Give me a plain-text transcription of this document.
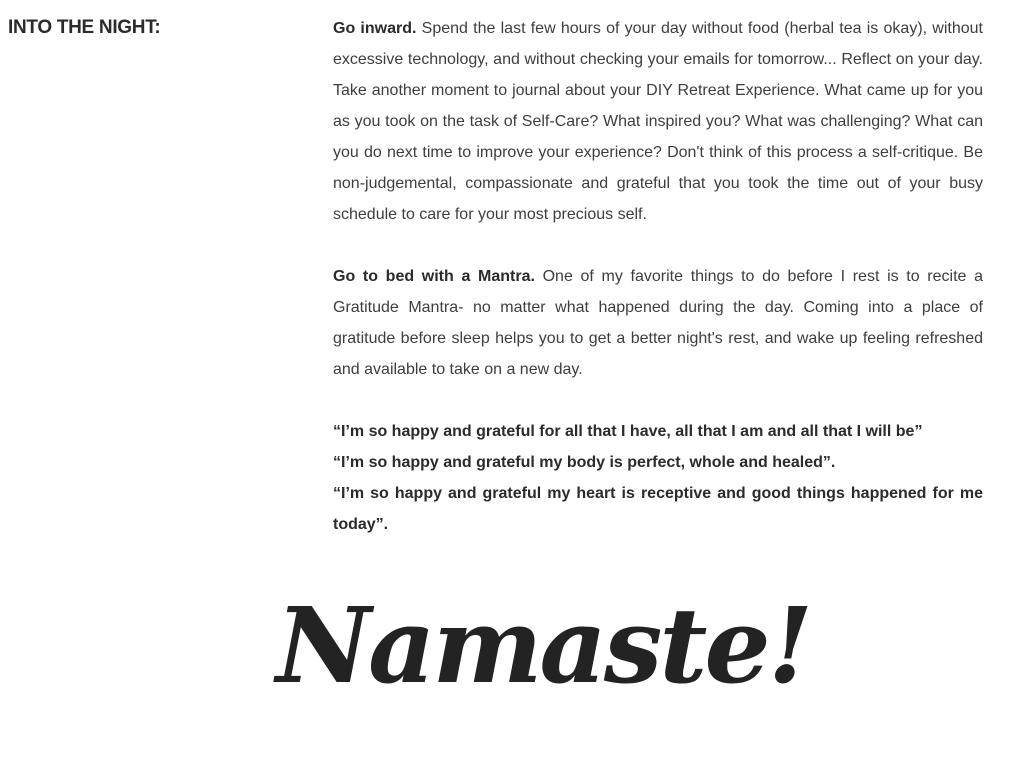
INTO THE NIGHT:	Go inward. Spend the last few hours of your day without food (herbal tea is okay), without excessive technology, and without checking your emails for tomorrow... Reflect on your day. Take another moment to journal about your DIY Retreat Experience. What came up for you as you took on the task of Self-Care? What inspired you? What was challenging? What can you do next time to improve your experience? Don't think of this process a self-critique. Be non-judgemental, compassionate and grateful that you took the time out of your busy schedule to care for your most precious self.

Go to bed with a Mantra. One of my favorite things to do before I rest is to recite a Gratitude Mantra- no matter what happened during the day. Coming into a place of gratitude before sleep helps you to get a better night's rest, and wake up feeling refreshed and available to take on a new day.

“I’m so happy and grateful for all that I have, all that I am and all that I will be”

“I’m so happy and grateful my body is perfect, whole and healed”.

“I’m so happy and grateful my heart is receptive and good things happened for me today”.

Namaste!
